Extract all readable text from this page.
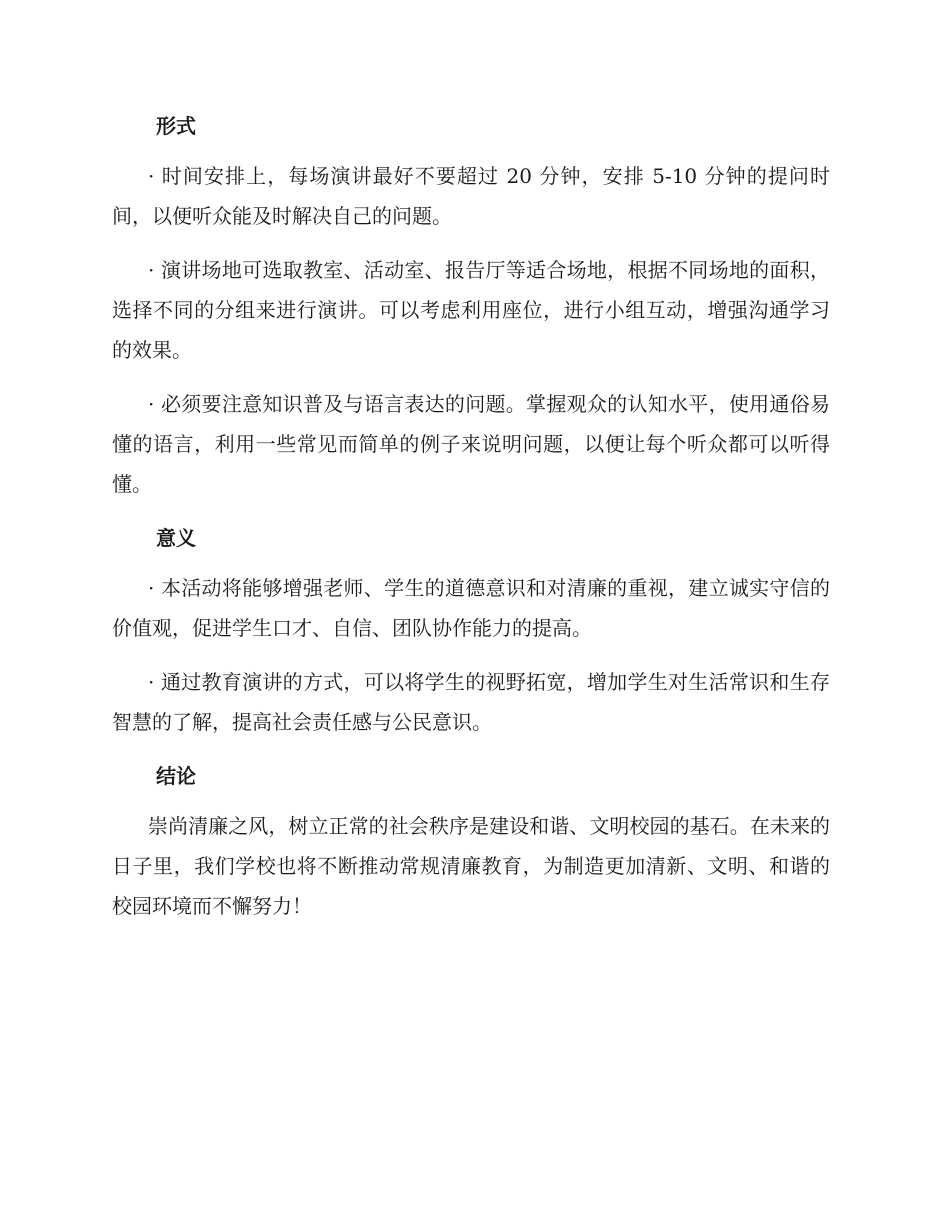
形式

· 时间安排上，每场演讲最好不要超过 20 分钟，安排 5-10 分钟的提问时间，以便听众能及时解决自己的问题。

· 演讲场地可选取教室、活动室、报告厅等适合场地，根据不同场地的面积，选择不同的分组来进行演讲。可以考虑利用座位，进行小组互动，增强沟通学习的效果。

· 必须要注意知识普及与语言表达的问题。掌握观众的认知水平，使用通俗易懂的语言，利用一些常见而简单的例子来说明问题，以便让每个听众都可以听得懂。

意义

· 本活动将能够增强老师、学生的道德意识和对清廉的重视，建立诚实守信的价值观，促进学生口才、自信、团队协作能力的提高。

· 通过教育演讲的方式，可以将学生的视野拓宽，增加学生对生活常识和生存智慧的了解，提高社会责任感与公民意识。

结论

崇尚清廉之风，树立正常的社会秩序是建设和谐、文明校园的基石。在未来的日子里，我们学校也将不断推动常规清廉教育，为制造更加清新、文明、和谐的校园环境而不懈努力！
